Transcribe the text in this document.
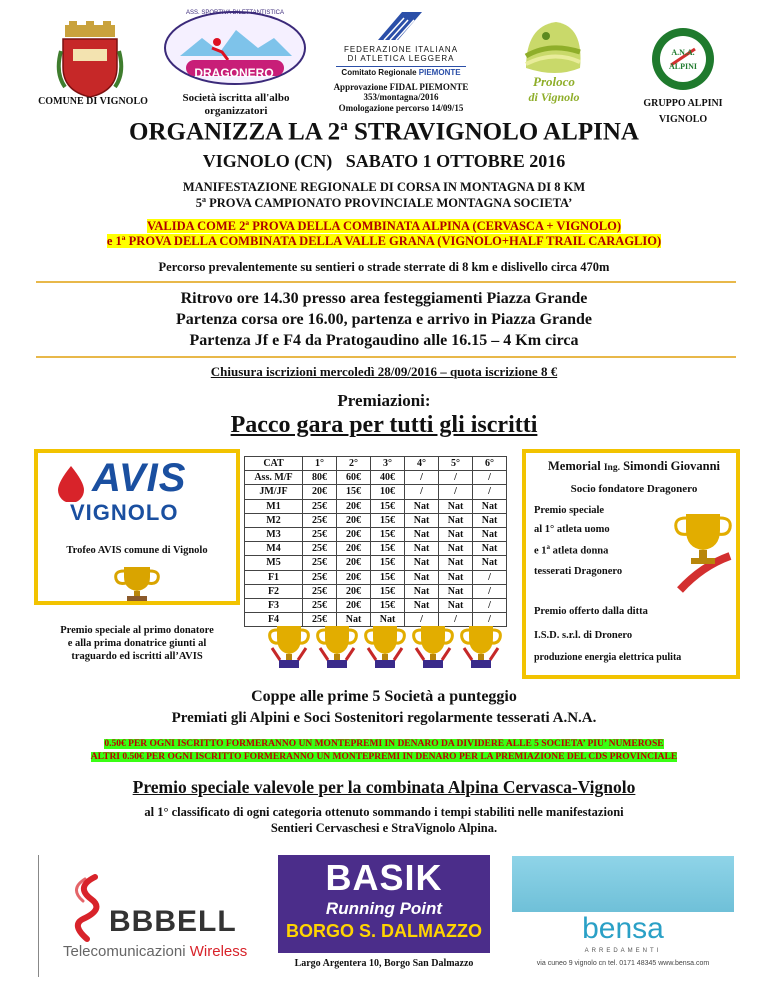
COMUNE DI VIGNOLO
ASS. SPORTIVA DILETTANTISTICA
DRAGONERO
Società iscritta all'albo
organizzatori
FEDERAZIONE ITALIANA
DI ATLETICA LEGGERA
Comitato Regionale PIEMONTE
Approvazione FIDAL PIEMONTE
353/montagna/2016
Omologazione percorso 14/09/15
Proloco
di Vignolo
A.N.A.
ALPINI
GRUPPO ALPINI
VIGNOLO
ORGANIZZA LA 2$^a$ STRAVIGNOLO ALPINA
VIGNOLO (CN)   SABATO 1 OTTOBRE 2016
MANIFESTAZIONE REGIONALE DI CORSA IN MONTAGNA DI 8 KM
5$^a$ PROVA CAMPIONATO PROVINCIALE MONTAGNA SOCIETA’
VALIDA COME 2ª PROVA DELLA COMBINATA ALPINA (CERVASCA + VIGNOLO)
e 1ª PROVA DELLA COMBINATA DELLA VALLE GRANA (VIGNOLO+HALF TRAIL CARAGLIO)
Percorso prevalentemente su sentieri o strade sterrate di 8 km e dislivello circa 470m
Ritrovo ore 14.30 presso area festeggiamenti Piazza Grande
Partenza corsa ore 16.00, partenza e arrivo in Piazza Grande
Partenza Jf e F4 da Pratogaudino alle 16.15 – 4 Km circa
Chiusura iscrizioni mercoledì 28/09/2016 – quota iscrizione 8 €
Premiazioni:
Pacco gara per tutti gli iscritti
AVIS
VIGNOLO
Trofeo AVIS comune di Vignolo
Premio speciale al primo donatore
e alla prima donatrice giunti al
traguardo ed iscritti all’AVIS
CAT	1°	2°	3°	4°	5°	6°
Ass. M/F	80€	60€	40€	/	/	/
JM/JF	20€	15€	10€	/	/	/
M1	25€	20€	15€	Nat	Nat	Nat
M2	25€	20€	15€	Nat	Nat	Nat
M3	25€	20€	15€	Nat	Nat	Nat
M4	25€	20€	15€	Nat	Nat	Nat
M5	25€	20€	15€	Nat	Nat	Nat
F1	25€	20€	15€	Nat	Nat	/
F2	25€	20€	15€	Nat	Nat	/
F3	25€	20€	15€	Nat	Nat	/
F4	25€	Nat	Nat	/	/	/
Memorial Ing. Simondi Giovanni
Socio fondatore Dragonero
Premio speciale
al 1° atleta uomo
e 1$^a$ atleta donna
tesserati Dragonero
Premio offerto dalla ditta
I.S.D. s.r.l. di Dronero
produzione energia elettrica pulita
Coppe alle prime 5 Società a punteggio
Premiati gli Alpini e Soci Sostenitori regolarmente tesserati A.N.A.
0.50€ PER OGNI ISCRITTO FORMERANNO UN MONTEPREMI IN DENARO DA DIVIDERE ALLE 5 SOCIETA’ PIU’ NUMEROSE
ALTRI 0.50€ PER OGNI ISCRITTO FORMERANNO UN MONTEPREMI IN DENARO PER LA PREMIAZIONE DEL CDS PROVINCIALE
Premio speciale valevole per la combinata Alpina Cervasca-Vignolo
al 1° classificato di ogni categoria ottenuto sommando i tempi stabiliti nelle manifestazioni
Sentieri Cervaschesi e StraVignolo Alpina.
BBBELL
Telecomunicazioni Wireless
BASIK
Running Point
BORGO S. DALMAZZO
Largo Argentera 10, Borgo San Dalmazzo
bensa
ARREDAMENTI
via cuneo 9 vignolo cn tel. 0171 48345 www.bensa.com
